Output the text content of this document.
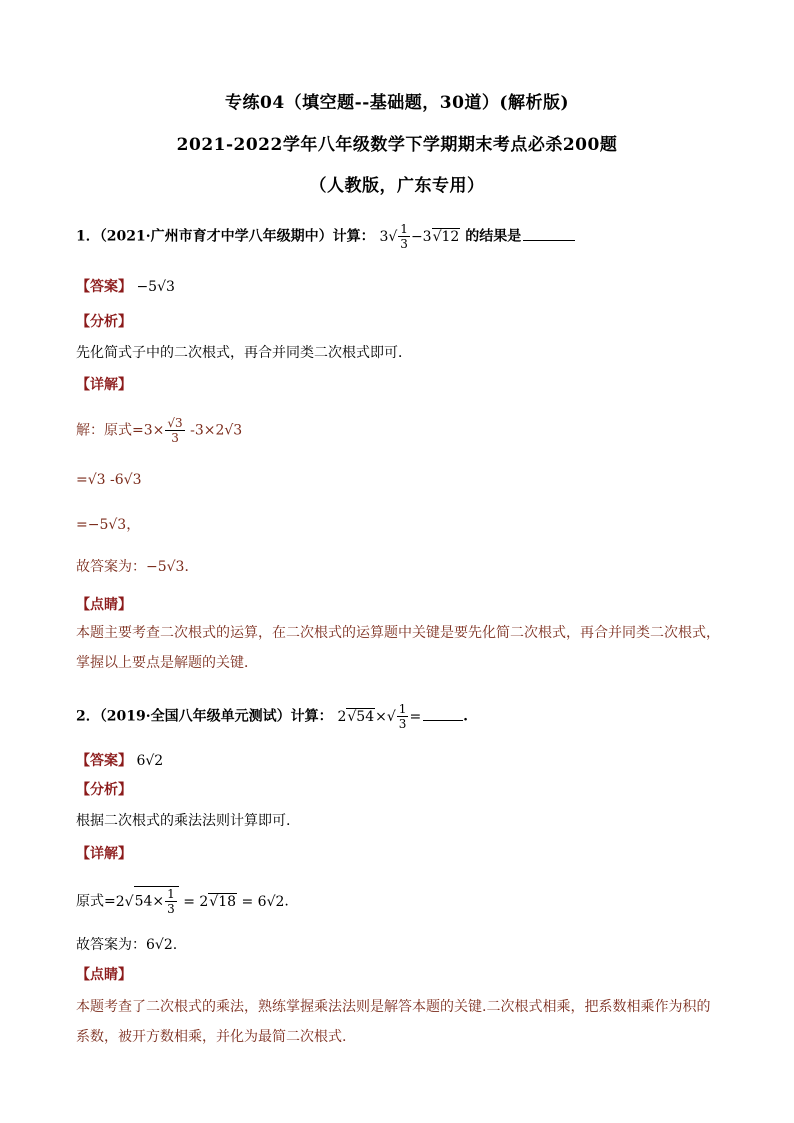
专练04（填空题--基础题，30道）(解析版)
2021-2022学年八年级数学下学期期末考点必杀200题
（人教版，广东专用）
1．（2021·广州市育才中学八年级期中）计算： $3√ \frac{1}{3} -3√12$ 的结果是
【答案】 −5√3
【分析】
先化简式子中的二次根式，再合并同类二次根式即可．
【详解】
解：原式$=3\times \frac{√3}{3} -3\times 2√3$
=√3 -6√3
=−5√3，
故答案为：−5√3．
【点睛】
本题主要考查二次根式的运算，在二次根式的运算题中关键是要先化简二次根式，再合并同类二次根式，掌握以上要点是解题的关键．
2．（2019·全国八年级单元测试）计算： $2√54\times√ \frac{1}{3}$ =	.
【答案】 6√2
【分析】
根据二次根式的乘法法则计算即可.
【详解】
原式$=2√54\times \frac{1}{3} = 2√18 = 6√2$.
故答案为：6√2.
【点睛】
本题考查了二次根式的乘法，熟练掌握乘法法则是解答本题的关键.二次根式相乘，把系数相乘作为积的系数，被开方数相乘，并化为最简二次根式.
